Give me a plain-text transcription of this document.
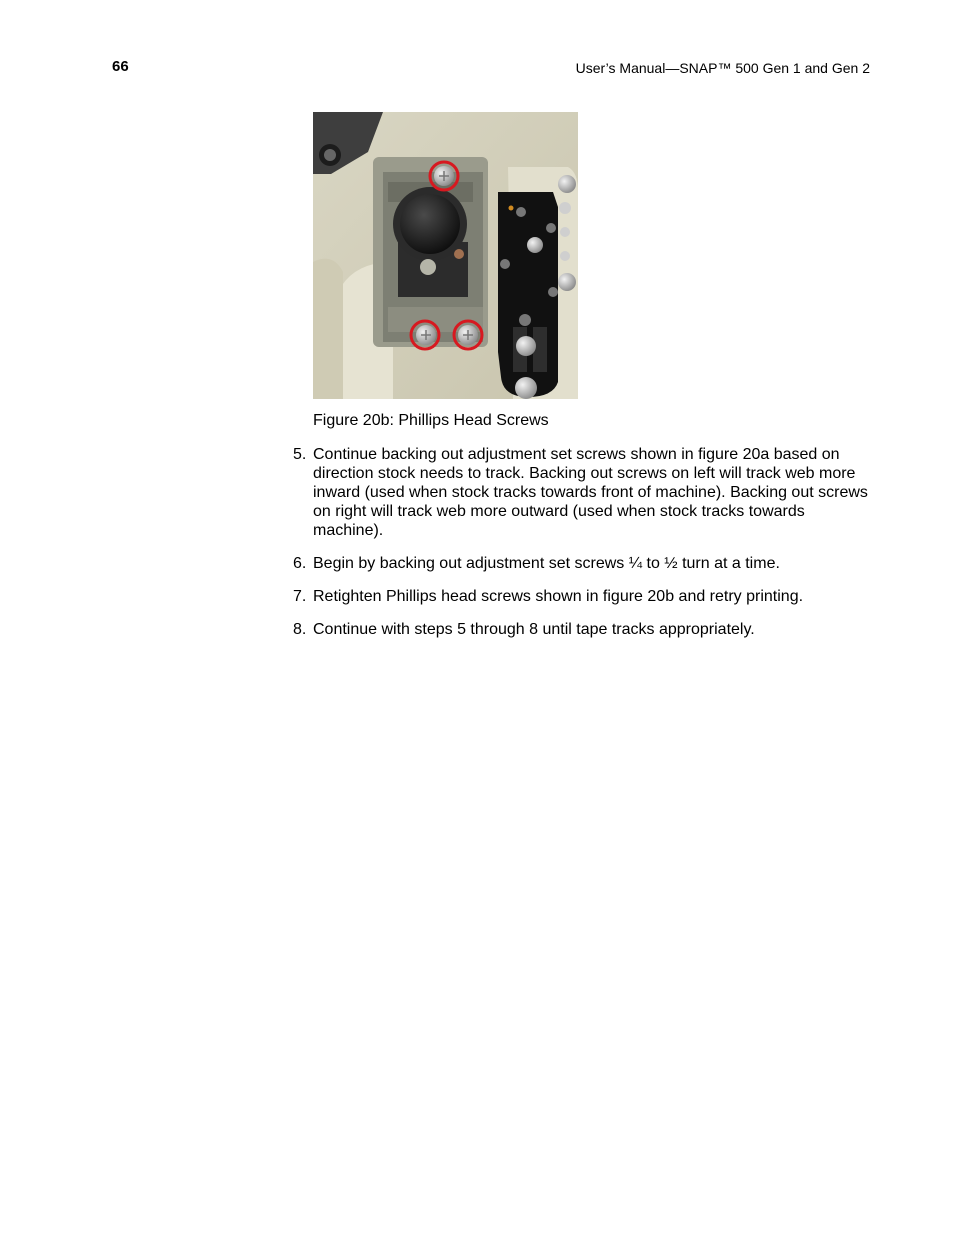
66	User’s Manual—SNAP™ 500 Gen 1 and Gen 2
Figure 20b: Phillips Head Screws
5. Continue backing out adjustment set screws shown in figure 20a based on direction stock needs to track. Backing out screws on left will track web more inward (used when stock tracks towards front of machine). Backing out screws on right will track web more outward (used when stock tracks towards machine).
6. Begin by backing out adjustment set screws ¼ to ½ turn at a time.
7. Retighten Phillips head screws shown in figure 20b and retry printing.
8. Continue with steps 5 through 8 until tape tracks appropriately.
